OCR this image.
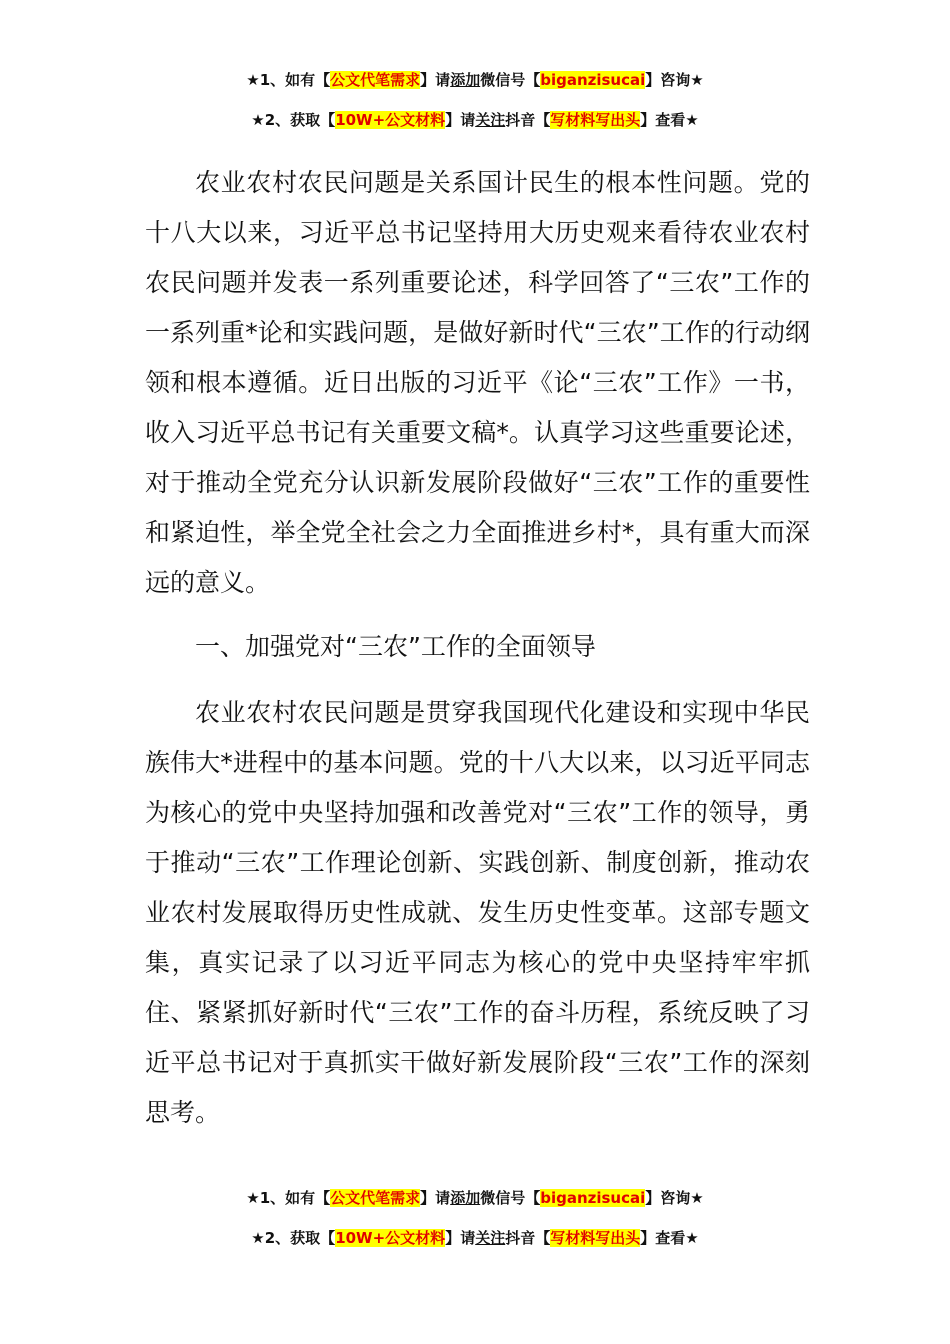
★1、如有【公文代笔需求】请添加微信号【biganzisucai】咨询★
★2、获取【10W+公文材料】请关注抖音【写材料写出头】查看★

农业农村农民问题是关系国计民生的根本性问题。党的十八大以来，习近平总书记坚持用大历史观来看待农业农村农民问题并发表一系列重要论述，科学回答了“三农”工作的一系列重*论和实践问题，是做好新时代“三农”工作的行动纲领和根本遵循。近日出版的习近平《论“三农”工作》一书，收入习近平总书记有关重要文稿*。认真学习这些重要论述，对于推动全党充分认识新发展阶段做好“三农”工作的重要性和紧迫性，举全党全社会之力全面推进乡村*，具有重大而深远的意义。

一、加强党对“三农”工作的全面领导

农业农村农民问题是贯穿我国现代化建设和实现中华民族伟大*进程中的基本问题。党的十八大以来，以习近平同志为核心的党中央坚持加强和改善党对“三农”工作的领导，勇于推动“三农”工作理论创新、实践创新、制度创新，推动农业农村发展取得历史性成就、发生历史性变革。这部专题文集，真实记录了以习近平同志为核心的党中央坚持牢牢抓住、紧紧抓好新时代“三农”工作的奋斗历程，系统反映了习近平总书记对于真抓实干做好新发展阶段“三农”工作的深刻思考。

★1、如有【公文代笔需求】请添加微信号【biganzisucai】咨询★
★2、获取【10W+公文材料】请关注抖音【写材料写出头】查看★
